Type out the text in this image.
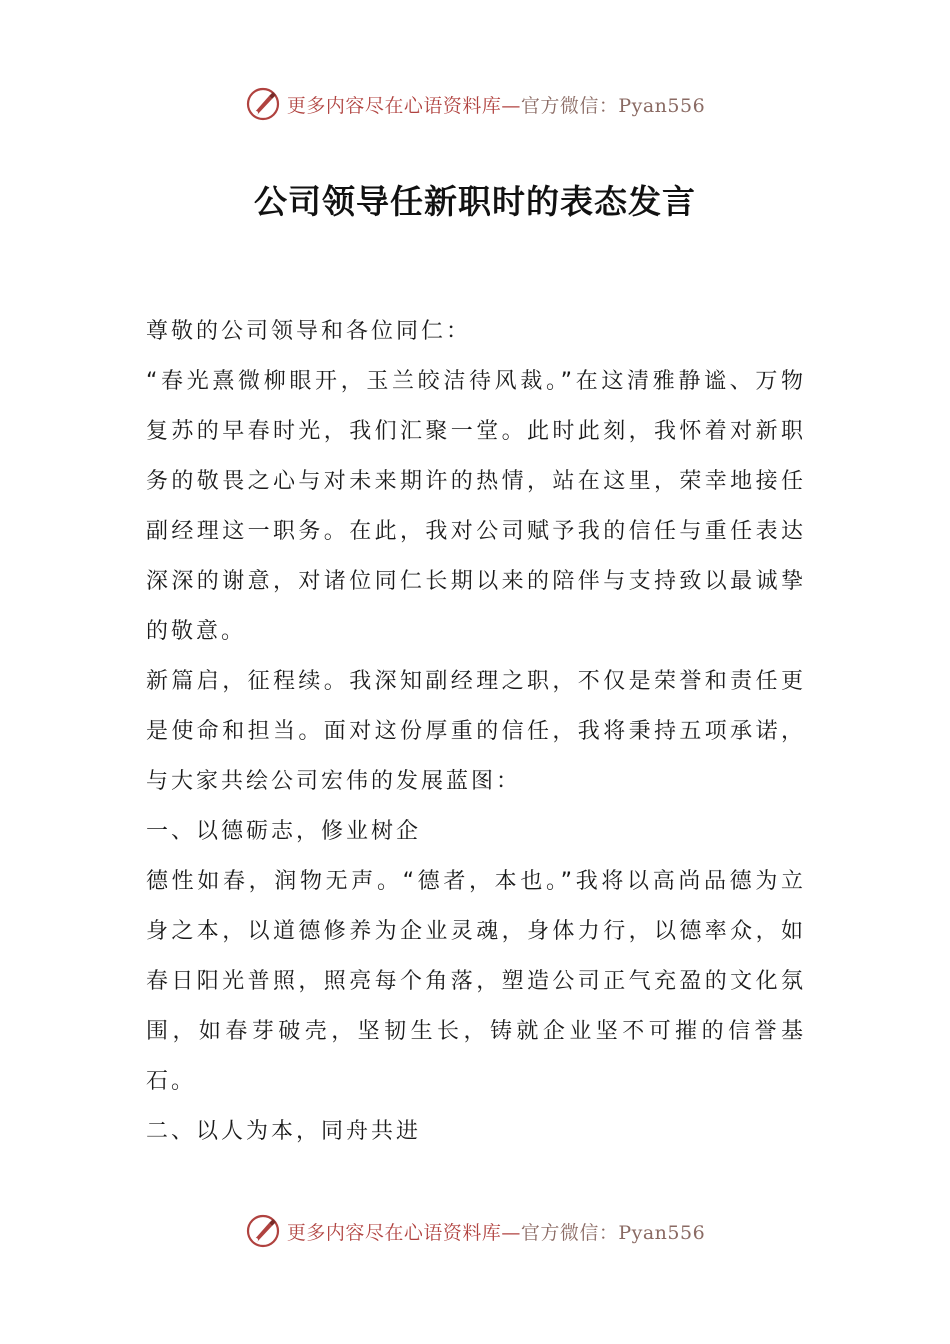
更多内容尽在心语资料库—官方微信：Pyan556
公司领导任新职时的表态发言

尊敬的公司领导和各位同仁：

“春光熹微柳眼开，玉兰皎洁待风裁。”在这清雅静谧、万物复苏的早春时光，我们汇聚一堂。此时此刻，我怀着对新职务的敬畏之心与对未来期许的热情，站在这里，荣幸地接任副经理这一职务。在此，我对公司赋予我的信任与重任表达深深的谢意，对诸位同仁长期以来的陪伴与支持致以最诚挚的敬意。

新篇启，征程续。我深知副经理之职，不仅是荣誉和责任更是使命和担当。面对这份厚重的信任，我将秉持五项承诺，与大家共绘公司宏伟的发展蓝图：

一、以德砺志，修业树企

德性如春，润物无声。“德者，本也。”我将以高尚品德为立身之本，以道德修养为企业灵魂，身体力行，以德率众，如春日阳光普照，照亮每个角落，塑造公司正气充盈的文化氛围，如春芽破壳，坚韧生长，铸就企业坚不可摧的信誉基石。

二、以人为本，同舟共进

更多内容尽在心语资料库—官方微信：Pyan556
